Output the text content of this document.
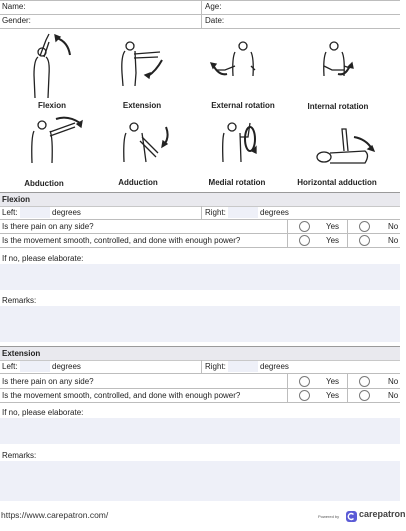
Name:	Age:
Gender:	Date:
Flexion	Extension	External rotation	Internal rotation
Abduction	Adduction	Medial rotation	Horizontal adduction
Flexion
Left:	degrees	Right:	degrees
Is there pain on any side?	Yes	No
Is the movement smooth, controlled, and done with enough power?	Yes	No
If no, please elaborate:
Remarks:
Extension
Left:	degrees	Right:	degrees
Is there pain on any side?	Yes	No
Is the movement smooth, controlled, and done with enough power?	Yes	No
If no, please elaborate:
Remarks:
https://www.carepatron.com/	Powered by carepatron
